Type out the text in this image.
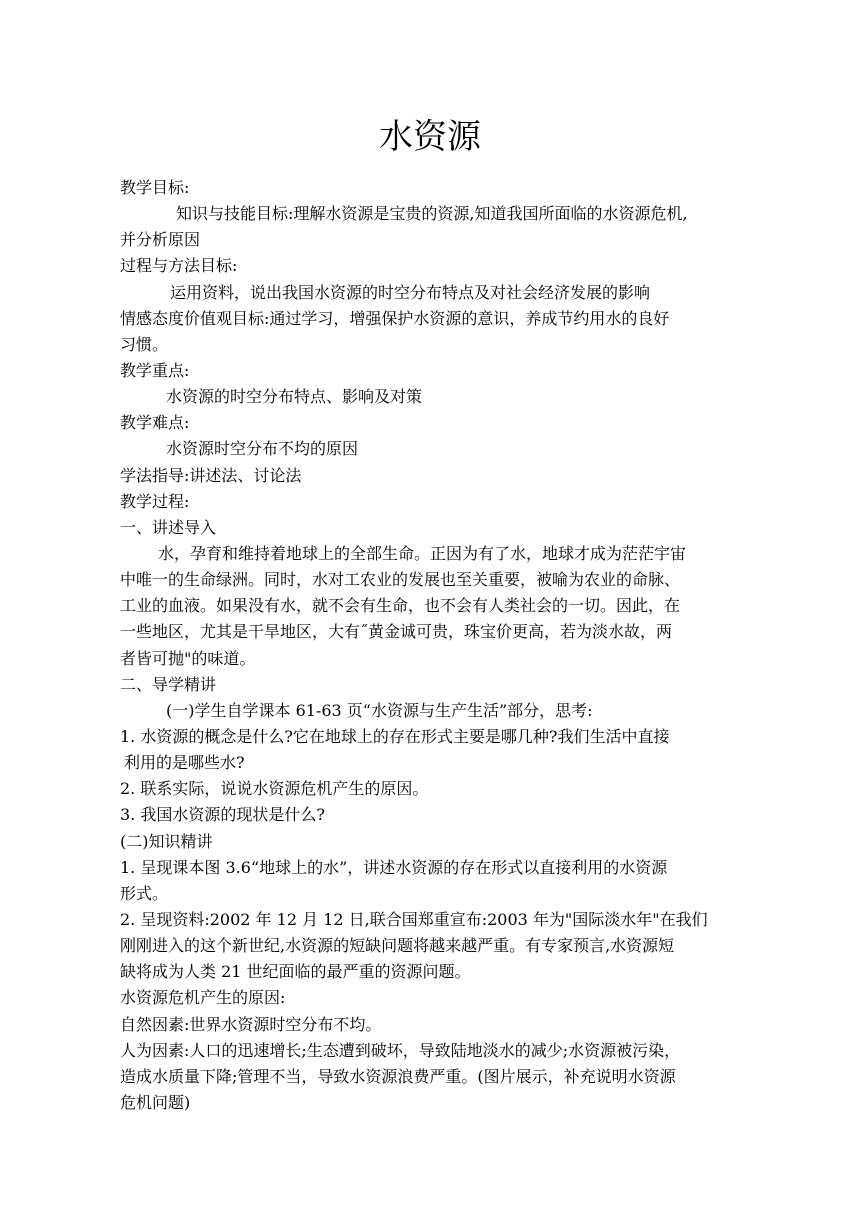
水资源
教学目标:
知识与技能目标:理解水资源是宝贵的资源,知道我国所面临的水资源危机,
并分析原因
过程与方法目标:
运用资料，说出我国水资源的时空分布特点及对社会经济发展的影响
情感态度价值观目标:通过学习，增强保护水资源的意识，养成节约用水的良好
习惯。
教学重点:
水资源的时空分布特点、影响及对策
教学难点:
水资源时空分布不均的原因
学法指导:讲述法、讨论法
教学过程:
一、讲述导入
水，孕育和维持着地球上的全部生命。正因为有了水，地球才成为茫茫宇宙
中唯一的生命绿洲。同时，水对工农业的发展也至关重要，被喻为农业的命脉、
工业的血液。如果没有水，就不会有生命，也不会有人类社会的一切。因此，在
一些地区，尤其是干旱地区，大有˝黄金诚可贵，珠宝价更高，若为淡水故，两
者皆可抛"的味道。
二、导学精讲
(一)学生自学课本 61-63 页“水资源与生产生活”部分，思考:
1. 水资源的概念是什么?它在地球上的存在形式主要是哪几种?我们生活中直接
利用的是哪些水?
2. 联系实际，说说水资源危机产生的原因。
3. 我国水资源的现状是什么?
(二)知识精讲
1. 呈现课本图 3.6“地球上的水”，讲述水资源的存在形式以直接利用的水资源
形式。
2. 呈现资料:2002 年 12 月 12 日,联合国郑重宣布:2003 年为"国际淡水年"在我们
刚刚进入的这个新世纪,水资源的短缺问题将越来越严重。有专家预言,水资源短
缺将成为人类 21 世纪面临的最严重的资源问题。
水资源危机产生的原因:
自然因素:世界水资源时空分布不均。
人为因素:人口的迅速增长;生态遭到破坏，导致陆地淡水的减少;水资源被污染，
造成水质量下降;管理不当，导致水资源浪费严重。(图片展示，补充说明水资源
危机问题)
